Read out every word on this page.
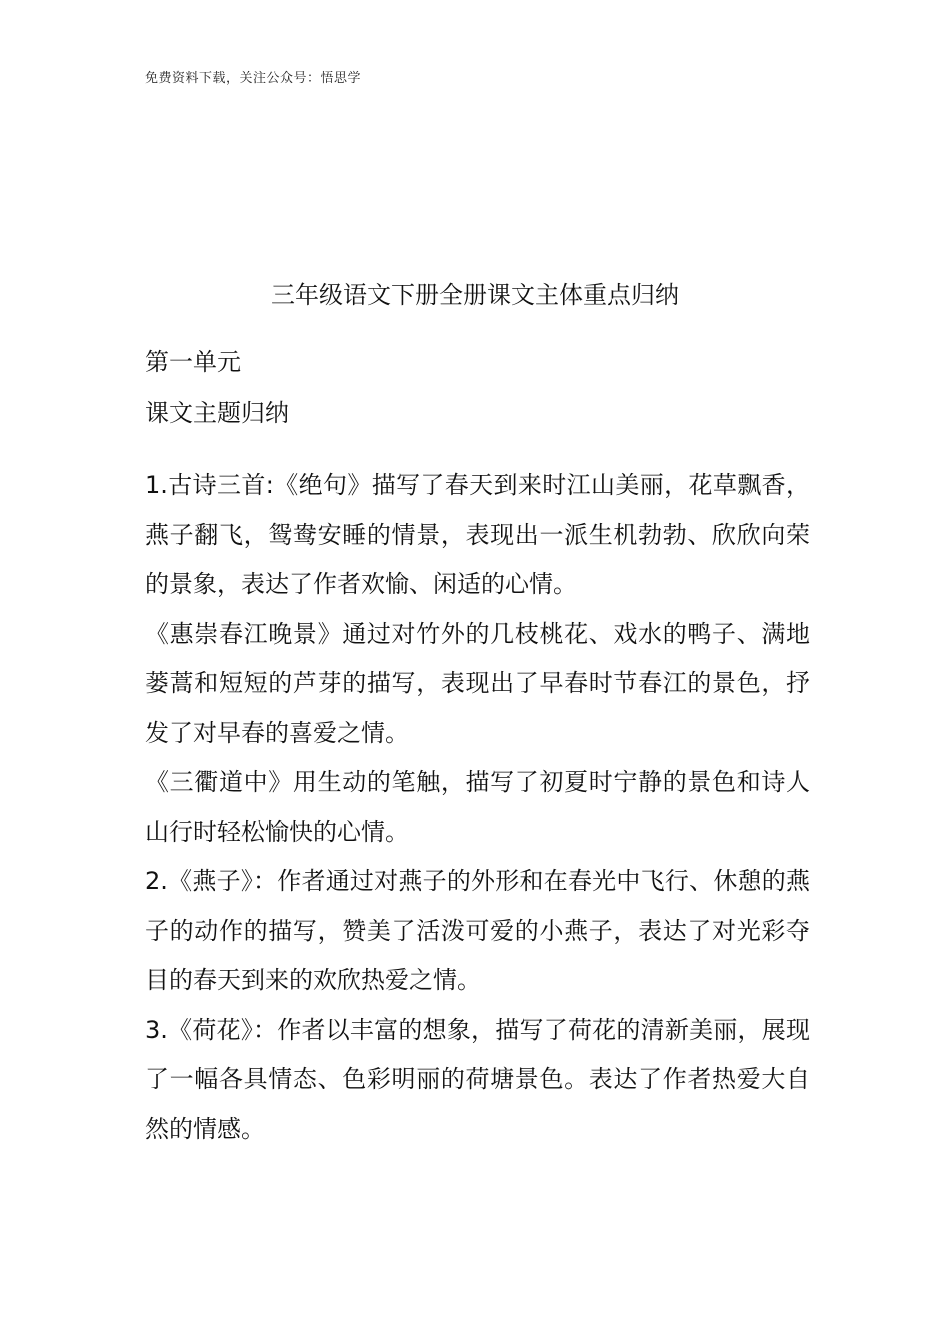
免费资料下载，关注公众号：悟思学
三年级语文下册全册课文主体重点归纳
第一单元
课文主题归纳

1.古诗三首:《绝句》描写了春天到来时江山美丽，花草飘香，燕子翻飞，鸳鸯安睡的情景，表现出一派生机勃勃、欣欣向荣的景象，表达了作者欢愉、闲适的心情。

《惠崇春江晚景》通过对竹外的几枝桃花、戏水的鸭子、满地蒌蒿和短短的芦芽的描写，表现出了早春时节春江的景色，抒发了对早春的喜爱之情。

《三衢道中》用生动的笔触，描写了初夏时宁静的景色和诗人山行时轻松愉快的心情。

2.《燕子》：作者通过对燕子的外形和在春光中飞行、休憩的燕子的动作的描写，赞美了活泼可爱的小燕子，表达了对光彩夺目的春天到来的欢欣热爱之情。

3.《荷花》：作者以丰富的想象，描写了荷花的清新美丽，展现了一幅各具情态、色彩明丽的荷塘景色。表达了作者热爱大自然的情感。
